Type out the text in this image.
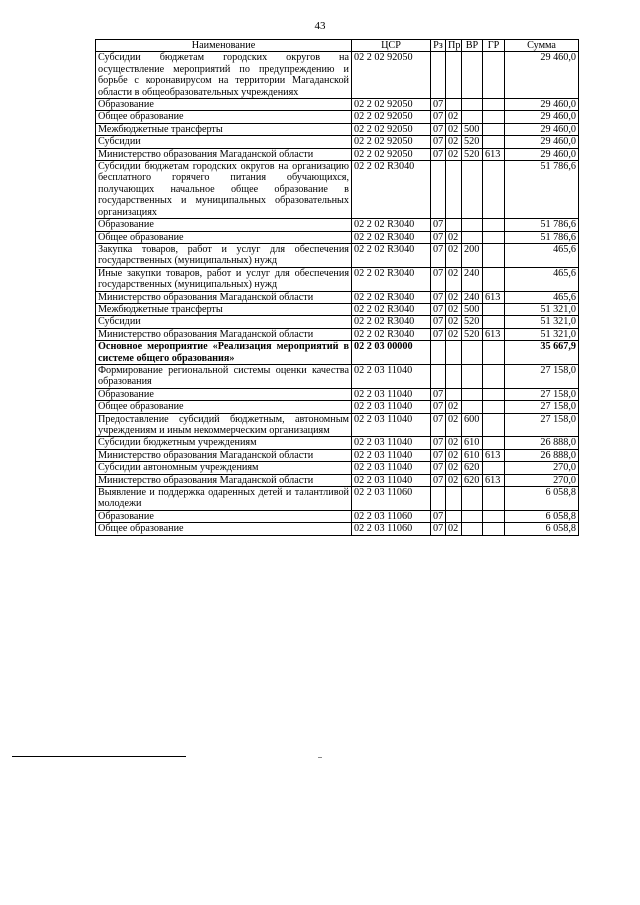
43
Наименование	ЦСР	Рз	Пр	ВР	ГР	Сумма
Субсидии бюджетам городских округов на осуществление мероприятий по предупреждению и борьбе с коронавирусом на территории Магаданской области в общеобразовательных учреждениях	02 2 02 92050					29 460,0
Образование	02 2 02 92050	07				29 460,0
Общее образование	02 2 02 92050	07	02			29 460,0
Межбюджетные трансферты	02 2 02 92050	07	02	500		29 460,0
Субсидии	02 2 02 92050	07	02	520		29 460,0
Министерство образования Магаданской области	02 2 02 92050	07	02	520	613	29 460,0
Субсидии бюджетам городских округов на организацию бесплатного горячего питания обучающихся, получающих начальное общее образование в государственных и муниципальных образовательных организациях	02 2 02 R3040					51 786,6
Образование	02 2 02 R3040	07				51 786,6
Общее образование	02 2 02 R3040	07	02			51 786,6
Закупка товаров, работ и услуг для обеспечения государственных (муниципальных) нужд	02 2 02 R3040	07	02	200		465,6
Иные закупки товаров, работ и услуг для обеспечения государственных (муниципальных) нужд	02 2 02 R3040	07	02	240		465,6
Министерство образования Магаданской области	02 2 02 R3040	07	02	240	613	465,6
Межбюджетные трансферты	02 2 02 R3040	07	02	500		51 321,0
Субсидии	02 2 02 R3040	07	02	520		51 321,0
Министерство образования Магаданской области	02 2 02 R3040	07	02	520	613	51 321,0
Основное мероприятие «Реализация мероприятий в системе общего образования»	02 2 03 00000					35 667,9
Формирование региональной системы оценки качества образования	02 2 03 11040					27 158,0
Образование	02 2 03 11040	07				27 158,0
Общее образование	02 2 03 11040	07	02			27 158,0
Предоставление субсидий бюджетным, автономным учреждениям и иным некоммерческим организациям	02 2 03 11040	07	02	600		27 158,0
Субсидии бюджетным учреждениям	02 2 03 11040	07	02	610		26 888,0
Министерство образования Магаданской области	02 2 03 11040	07	02	610	613	26 888,0
Субсидии автономным учреждениям	02 2 03 11040	07	02	620		270,0
Министерство образования Магаданской области	02 2 03 11040	07	02	620	613	270,0
Выявление и поддержка одаренных детей и талантливой молодежи	02 2 03 11060					6 058,8
Образование	02 2 03 11060	07				6 058,8
Общее образование	02 2 03 11060	07	02			6 058,8
